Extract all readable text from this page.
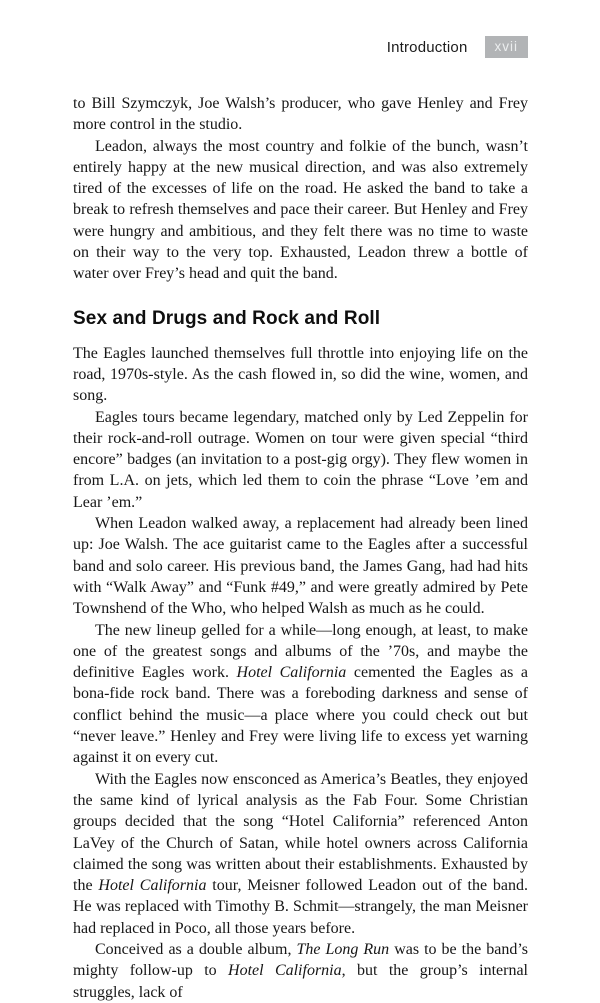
Introduction	xvii

to Bill Szymczyk, Joe Walsh’s producer, who gave Henley and Frey more control in the studio.

Leadon, always the most country and folkie of the bunch, wasn’t entirely happy at the new musical direction, and was also extremely tired of the excesses of life on the road. He asked the band to take a break to refresh themselves and pace their career. But Henley and Frey were hungry and ambitious, and they felt there was no time to waste on their way to the very top. Exhausted, Leadon threw a bottle of water over Frey’s head and quit the band.

Sex and Drugs and Rock and Roll

The Eagles launched themselves full throttle into enjoying life on the road, 1970s-style. As the cash flowed in, so did the wine, women, and song.

Eagles tours became legendary, matched only by Led Zeppelin for their rock-and-roll outrage. Women on tour were given special “third encore” badges (an invitation to a post-gig orgy). They flew women in from L.A. on jets, which led them to coin the phrase “Love ’em and Lear ’em.”

When Leadon walked away, a replacement had already been lined up: Joe Walsh. The ace guitarist came to the Eagles after a successful band and solo career. His previous band, the James Gang, had had hits with “Walk Away” and “Funk #49,” and were greatly admired by Pete Townshend of the Who, who helped Walsh as much as he could.

The new lineup gelled for a while—long enough, at least, to make one of the greatest songs and albums of the ’70s, and maybe the definitive Eagles work. Hotel California cemented the Eagles as a bona-fide rock band. There was a foreboding darkness and sense of conflict behind the music—a place where you could check out but “never leave.” Henley and Frey were living life to excess yet warning against it on every cut.

With the Eagles now ensconced as America’s Beatles, they enjoyed the same kind of lyrical analysis as the Fab Four. Some Christian groups decided that the song “Hotel California” referenced Anton LaVey of the Church of Satan, while hotel owners across California claimed the song was written about their establishments. Exhausted by the Hotel California tour, Meisner followed Leadon out of the band. He was replaced with Timothy B. Schmit—strangely, the man Meisner had replaced in Poco, all those years before.

Conceived as a double album, The Long Run was to be the band’s mighty follow-up to Hotel California, but the group’s internal struggles, lack of
